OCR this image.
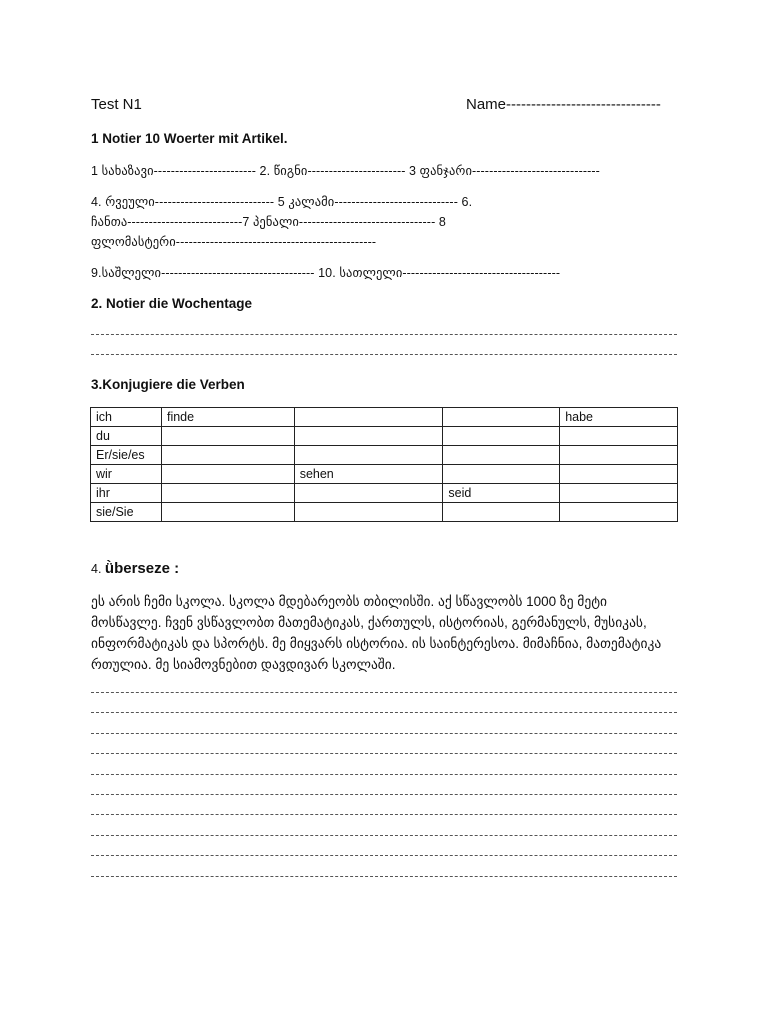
Test N1	Name-------------------------------
1 Notier 10 Woerter mit Artikel.
1 სახაზავი------------------------ 2. წიგნი----------------------- 3 ფანჯარი------------------------------
4. რვეული---------------------------- 5 კალამი----------------------------- 6.
ჩანთა---------------------------7 პენალი-------------------------------- 8
ფლომასტერი-----------------------------------------------
9.საშლელი------------------------------------ 10. სათლელი-------------------------------------
2. Notier die Wochentage
3.Konjugiere die Verben
ich	finde			habe
du				
Er/sie/es				
wir		sehen		
ihr			seid	
sie/Sie				
4. ǜberseze :
ეს არის ჩემი სკოლა. სკოლა მდებარეობს თბილისში. აქ სწავლობს 1000 ზე მეტი მოსწავლე. ჩვენ ვსწავლობთ მათემატიკას, ქართულს, ისტორიას, გერმანულს, მუსიკას, ინფორმატიკას და სპორტს. მე მიყვარს ისტორია. ის საინტერესოა. მიმაჩნია, მათემატიკა რთულია. მე სიამოვნებით დავდივარ სკოლაში.
